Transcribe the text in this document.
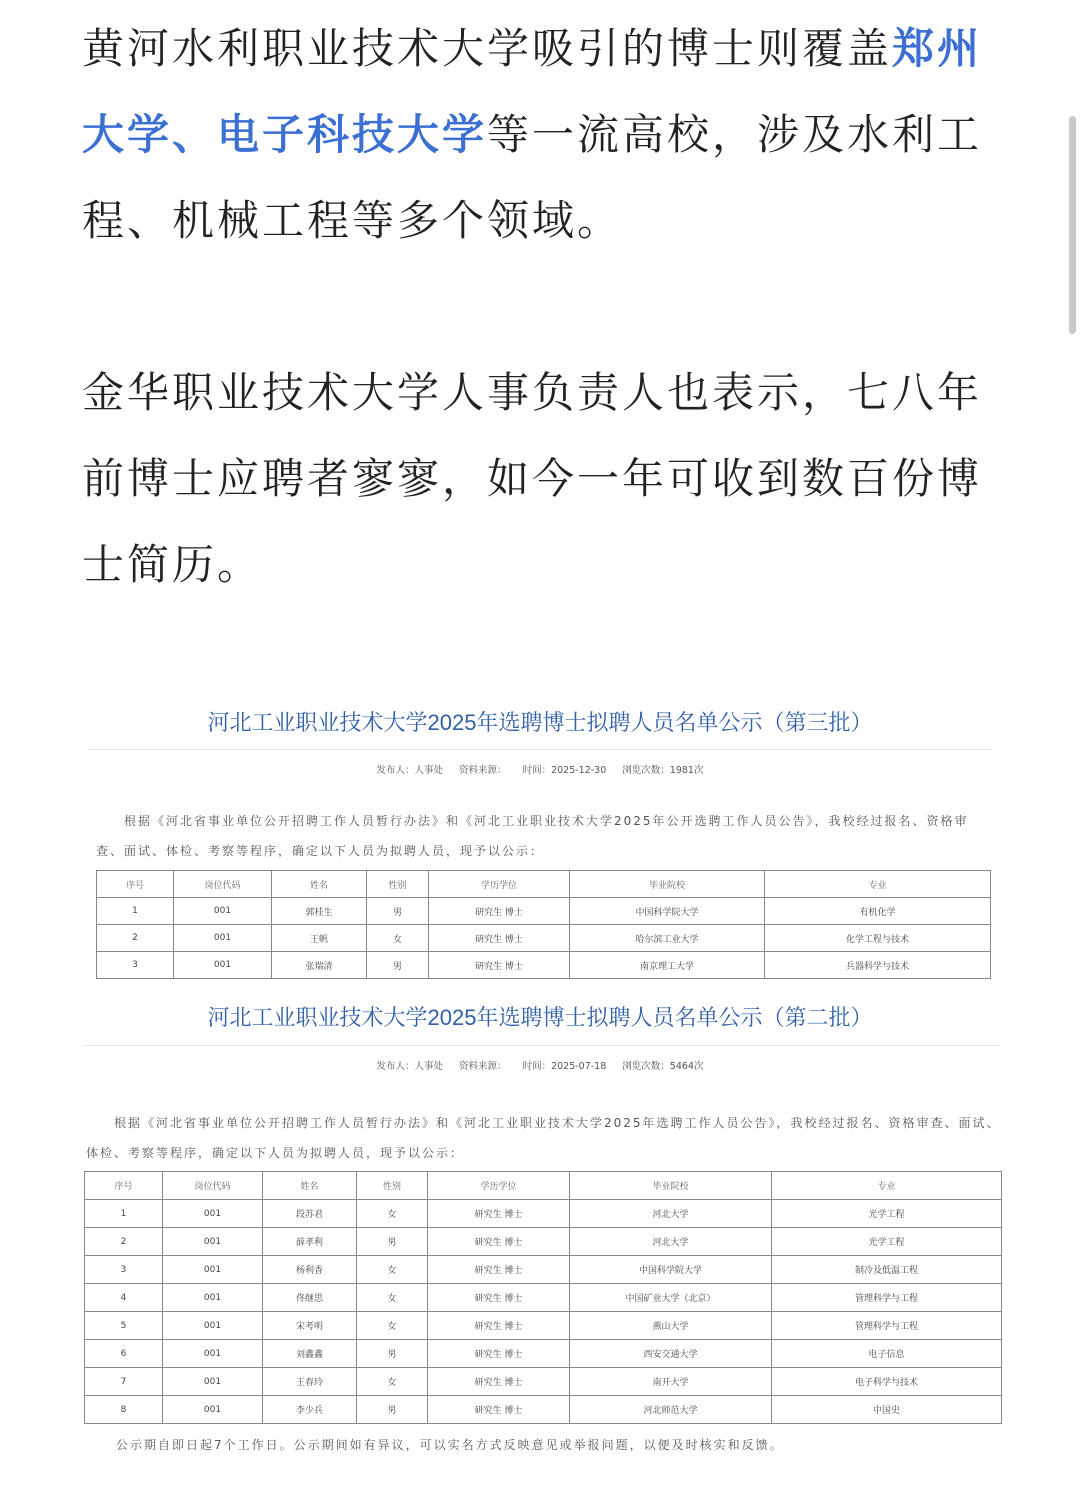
黄河水利职业技术大学吸引的博士则覆盖郑州大学、电子科技大学等一流高校，涉及水利工程、机械工程等多个领域。

金华职业技术大学人事负责人也表示，七八年前博士应聘者寥寥，如今一年可收到数百份博士简历。

河北工业职业技术大学2025年选聘博士拟聘人员名单公示（第三批）

发布人：人事处 资料来源： 时间：2025-12-30 浏览次数：1981次

根据《河北省事业单位公开招聘工作人员暂行办法》和《河北工业职业技术大学2025年公开选聘工作人员公告》，我校经过报名、资格审查、面试、体检、考察等程序，确定以下人员为拟聘人员，现予以公示：

序号	岗位代码	姓名	性别	学历学位	毕业院校	专业
1	001	郭桂生	男	研究生 博士	中国科学院大学	有机化学
2	001	王帆	女	研究生 博士	哈尔滨工业大学	化学工程与技术
3	001	张瑞清	男	研究生 博士	南京理工大学	兵器科学与技术

河北工业职业技术大学2025年选聘博士拟聘人员名单公示（第二批）

发布人：人事处 资料来源： 时间：2025-07-18 浏览次数：5464次

根据《河北省事业单位公开招聘工作人员暂行办法》和《河北工业职业技术大学2025年选聘工作人员公告》，我校经过报名、资格审查、面试、体检、考察等程序，确定以下人员为拟聘人员，现予以公示：

序号	岗位代码	姓名	性别	学历学位	毕业院校	专业
1	001	段苏君	女	研究生 博士	河北大学	光学工程
2	001	薛孝利	男	研究生 博士	河北大学	光学工程
3	001	杨利香	女	研究生 博士	中国科学院大学	制冷及低温工程
4	001	佟继思	女	研究生 博士	中国矿业大学（北京）	管理科学与工程
5	001	宋考明	女	研究生 博士	燕山大学	管理科学与工程
6	001	刘鑫鑫	男	研究生 博士	西安交通大学	电子信息
7	001	王春玲	女	研究生 博士	南开大学	电子科学与技术
8	001	李少兵	男	研究生 博士	河北师范大学	中国史

公示期自即日起7个工作日。公示期间如有异议，可以实名方式反映意见或举报问题，以便及时核实和反馈。
